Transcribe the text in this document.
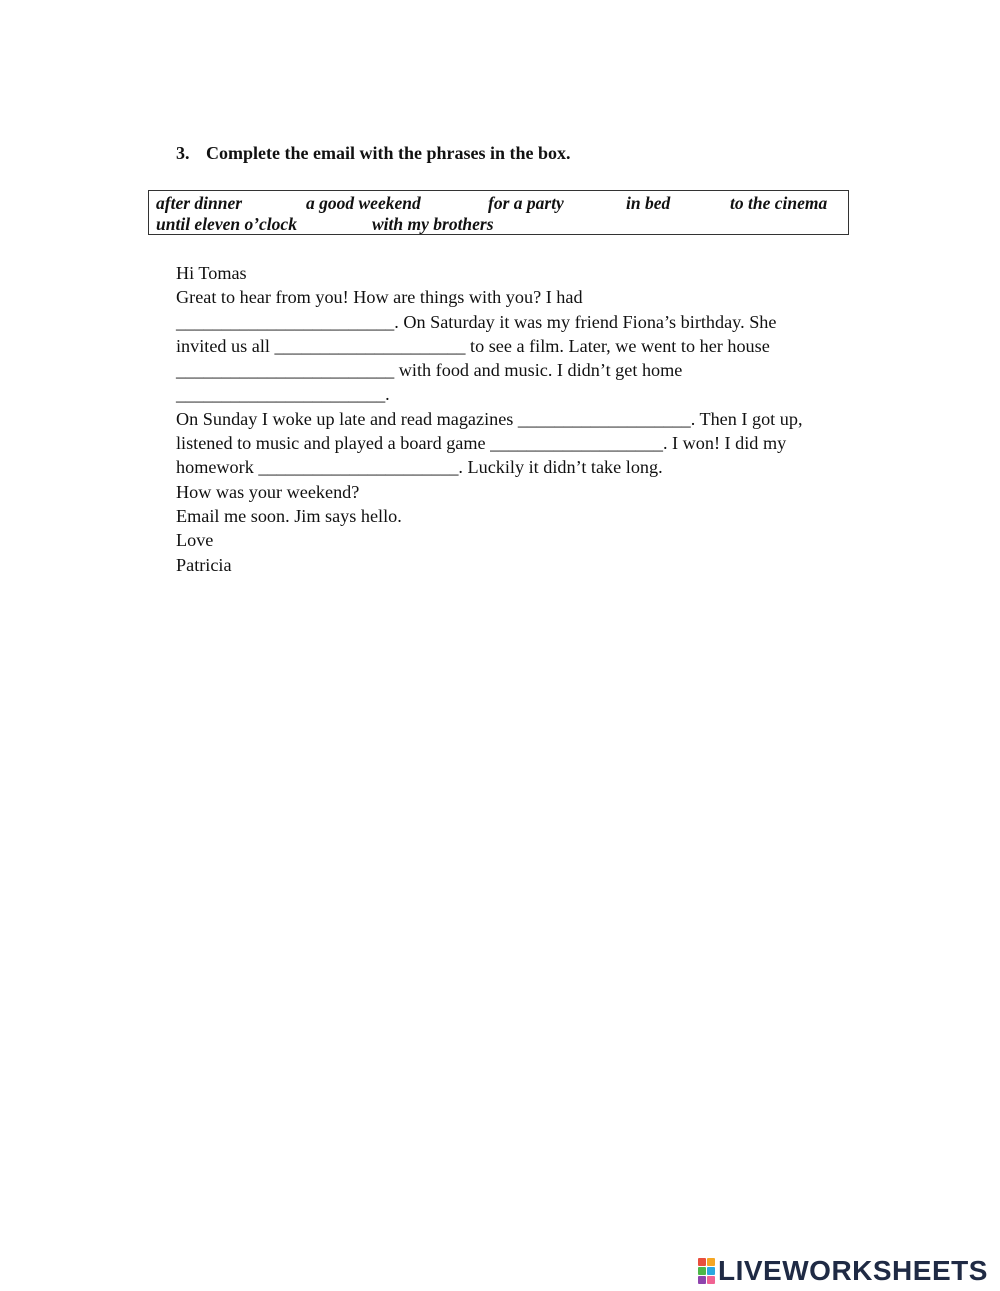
3. Complete the email with the phrases in the box.
after dinner	a good weekend	for a party	in bed	to the cinema
until eleven o’clock	with my brothers
Hi Tomas
Great to hear from you! How are things with you? I had
________________________. On Saturday it was my friend Fiona’s birthday. She
invited us all _____________________ to see a film. Later, we went to her house
________________________ with food and music. I didn’t get home
_______________________.
On Sunday I woke up late and read magazines ___________________. Then I got up,
listened to music and played a board game ___________________. I won! I did my
homework ______________________. Luckily it didn’t take long.
How was your weekend?
Email me soon. Jim says hello.
Love
Patricia
LIVEWORKSHEETS
